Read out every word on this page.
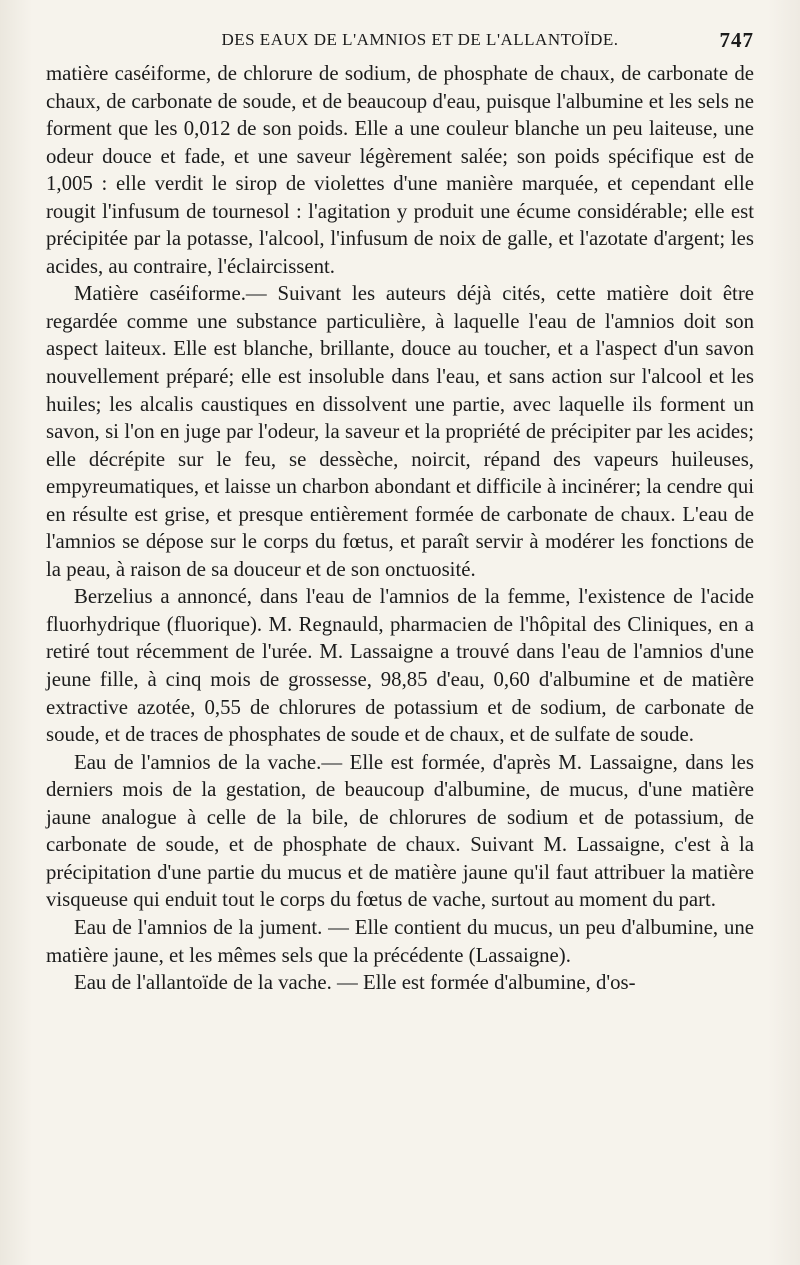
DES EAUX DE L'AMNIOS ET DE L'ALLANTOÏDE.	747

matière caséiforme, de chlorure de sodium, de phosphate de chaux, de carbonate de chaux, de carbonate de soude, et de beaucoup d'eau, puisque l'albumine et les sels ne forment que les 0,012 de son poids. Elle a une couleur blanche un peu laiteuse, une odeur douce et fade, et une saveur légèrement salée; son poids spécifique est de 1,005 : elle verdit le sirop de violettes d'une manière marquée, et cependant elle rougit l'infusum de tournesol : l'agitation y produit une écume considérable; elle est précipitée par la potasse, l'alcool, l'infusum de noix de galle, et l'azotate d'argent; les acides, au contraire, l'éclaircissent.

Matière caséiforme.— Suivant les auteurs déjà cités, cette matière doit être regardée comme une substance particulière, à laquelle l'eau de l'amnios doit son aspect laiteux. Elle est blanche, brillante, douce au toucher, et a l'aspect d'un savon nouvellement préparé; elle est insoluble dans l'eau, et sans action sur l'alcool et les huiles; les alcalis caustiques en dissolvent une partie, avec laquelle ils forment un savon, si l'on en juge par l'odeur, la saveur et la propriété de précipiter par les acides; elle décrépite sur le feu, se dessèche, noircit, répand des vapeurs huileuses, empyreumatiques, et laisse un charbon abondant et difficile à incinérer; la cendre qui en résulte est grise, et presque entièrement formée de carbonate de chaux. L'eau de l'amnios se dépose sur le corps du fœtus, et paraît servir à modérer les fonctions de la peau, à raison de sa douceur et de son onctuosité.

Berzelius a annoncé, dans l'eau de l'amnios de la femme, l'existence de l'acide fluorhydrique (fluorique). M. Regnauld, pharmacien de l'hôpital des Cliniques, en a retiré tout récemment de l'urée. M. Lassaigne a trouvé dans l'eau de l'amnios d'une jeune fille, à cinq mois de grossesse, 98,85 d'eau, 0,60 d'albumine et de matière extractive azotée, 0,55 de chlorures de potassium et de sodium, de carbonate de soude, et de traces de phosphates de soude et de chaux, et de sulfate de soude.

Eau de l'amnios de la vache.— Elle est formée, d'après M. Lassaigne, dans les derniers mois de la gestation, de beaucoup d'albumine, de mucus, d'une matière jaune analogue à celle de la bile, de chlorures de sodium et de potassium, de carbonate de soude, et de phosphate de chaux. Suivant M. Lassaigne, c'est à la précipitation d'une partie du mucus et de matière jaune qu'il faut attribuer la matière visqueuse qui enduit tout le corps du fœtus de vache, surtout au moment du part.

Eau de l'amnios de la jument. — Elle contient du mucus, un peu d'albumine, une matière jaune, et les mêmes sels que la précédente (Lassaigne).

Eau de l'allantoïde de la vache. — Elle est formée d'albumine, d'os-
